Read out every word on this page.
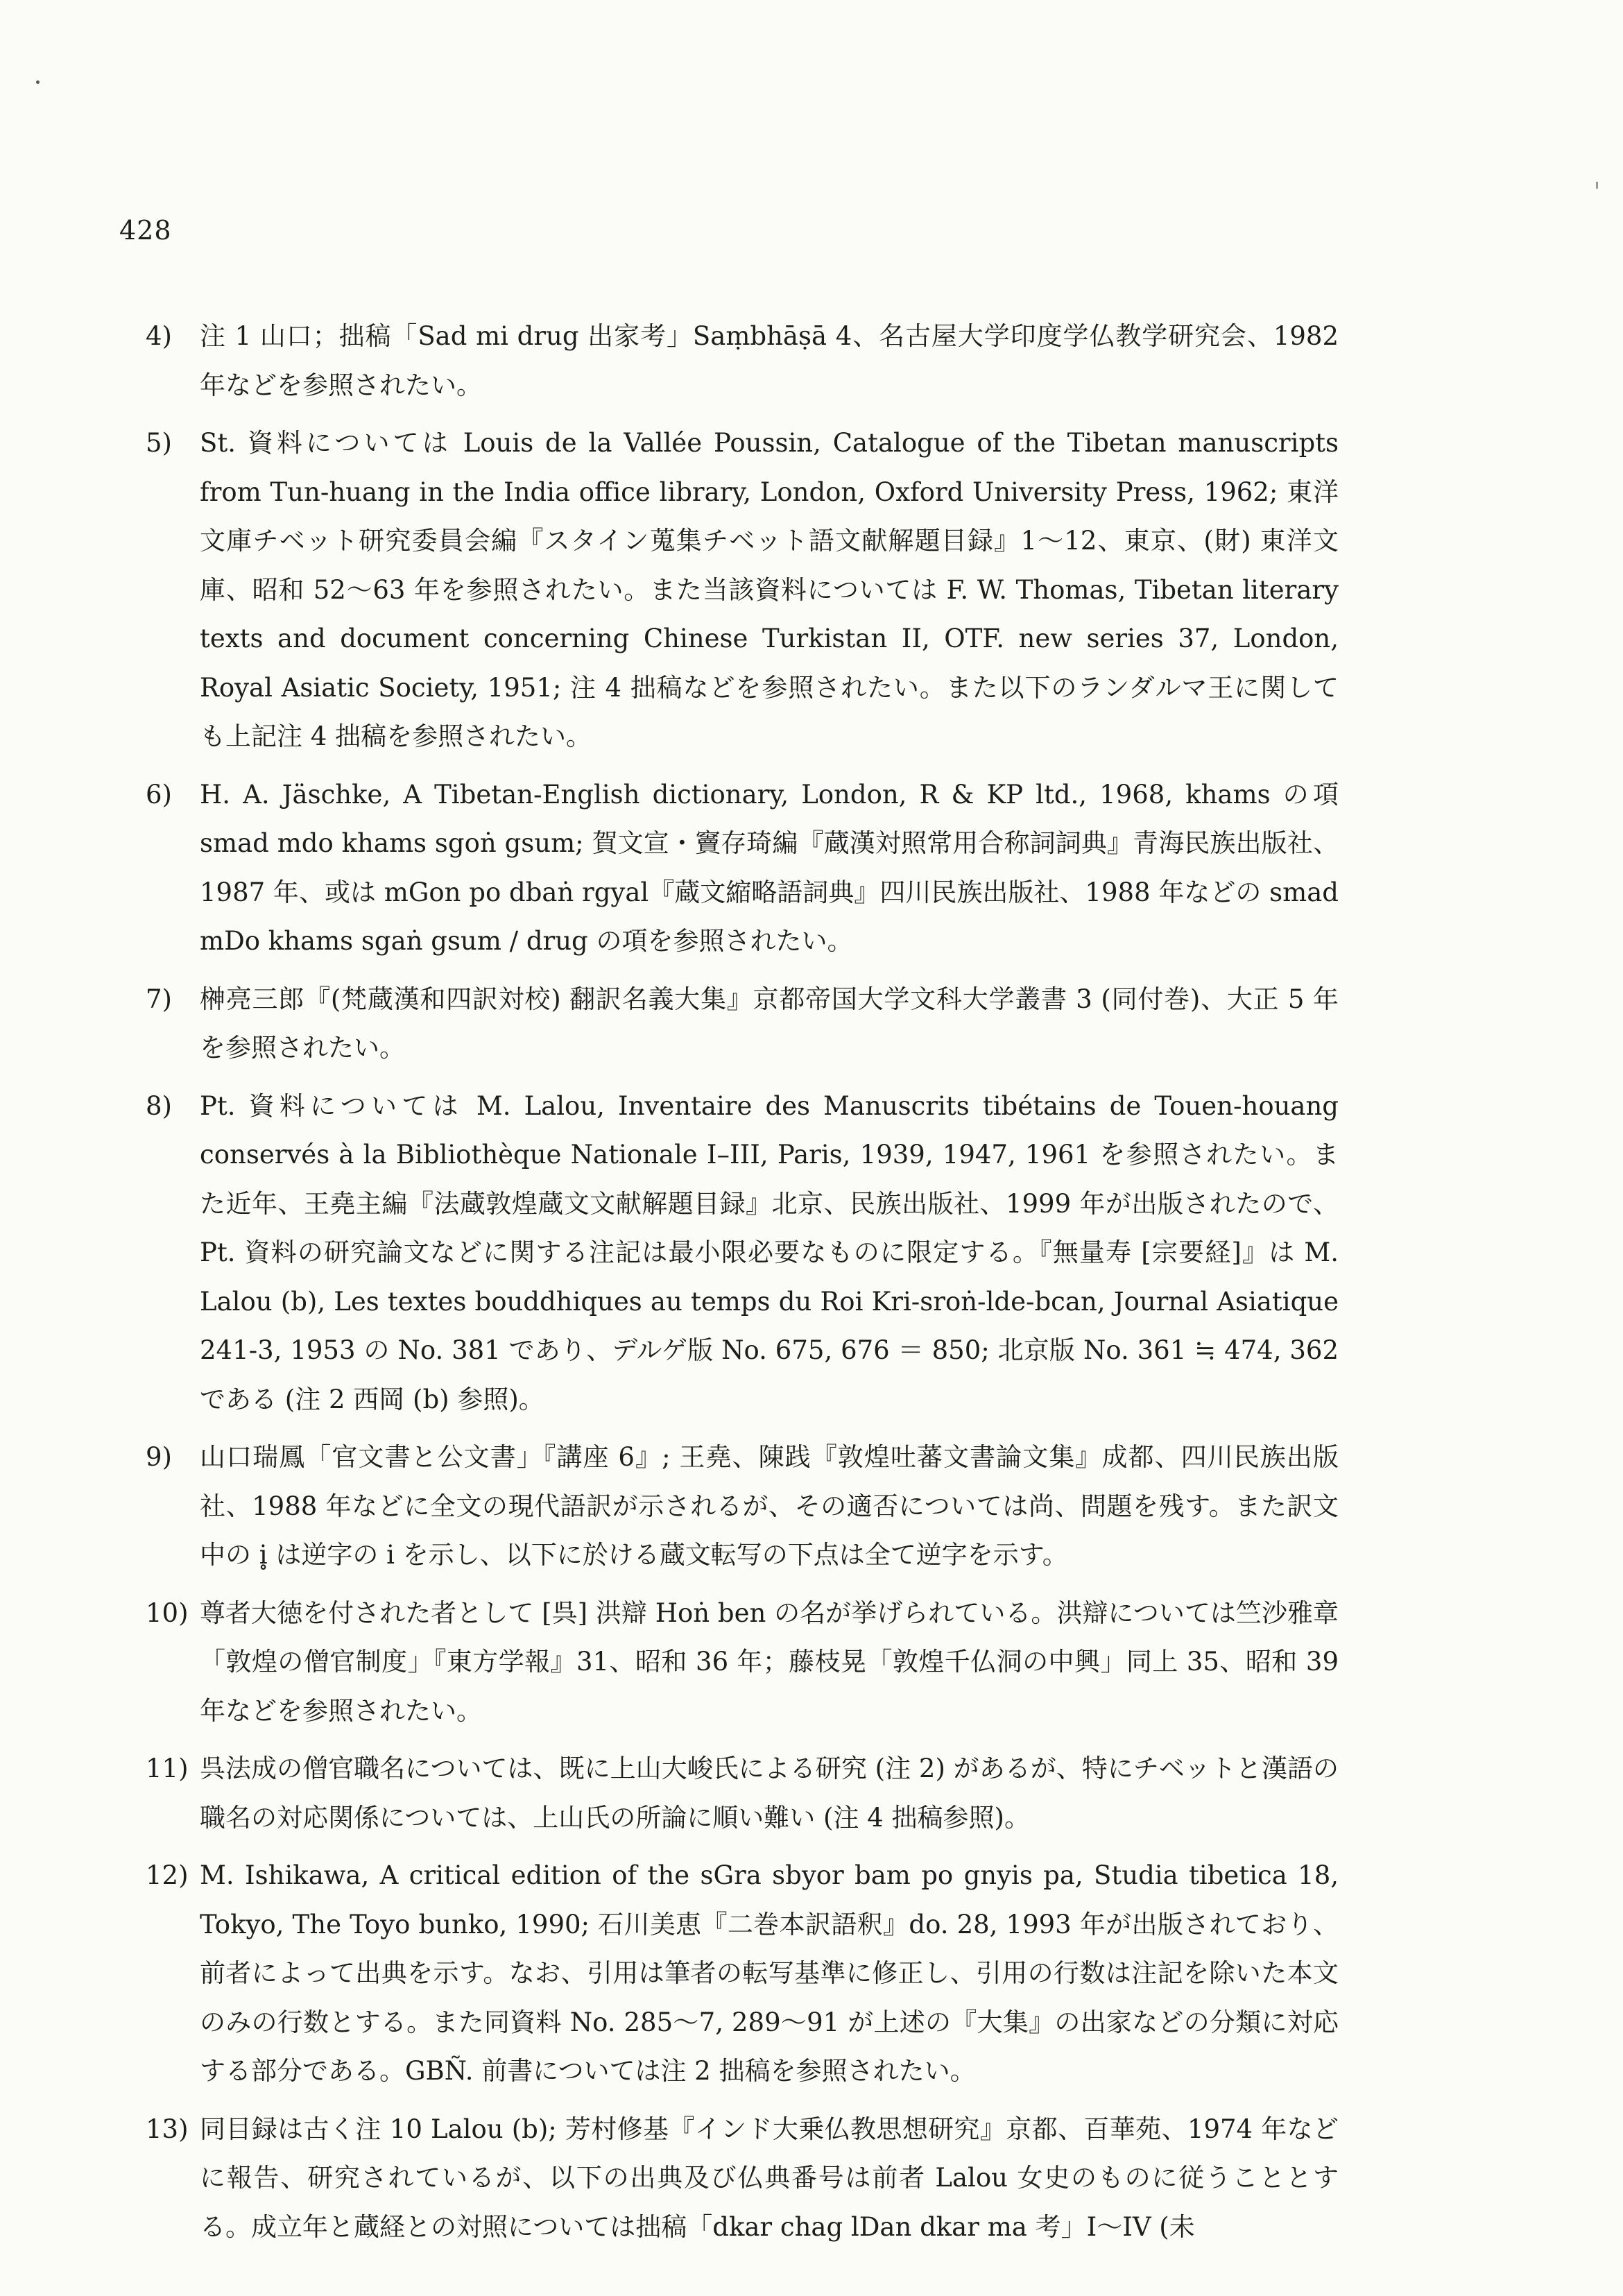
428
4)	注 1 山口；拙稿「Sad mi drug 出家考」Saṃbhāṣā 4、名古屋大学印度学仏教学研究会、1982 年などを参照されたい。
5)	St. 資料については Louis de la Vallée Poussin, Catalogue of the Tibetan manuscripts from Tun-huang in the India office library, London, Oxford University Press, 1962; 東洋文庫チベット研究委員会編『スタイン蒐集チベット語文献解題目録』1〜12、東京、(財) 東洋文庫、昭和 52〜63 年を参照されたい。また当該資料については F. W. Thomas, Tibetan literary texts and document concerning Chinese Turkistan II, OTF. new series 37, London, Royal Asiatic Society, 1951; 注 4 拙稿などを参照されたい。また以下のランダルマ王に関しても上記注 4 拙稿を参照されたい。
6)	H. A. Jäschke, A Tibetan-English dictionary, London, R & KP ltd., 1968, khams の項 smad mdo khams sgoṅ gsum; 賀文宣・竇存琦編『蔵漢対照常用合称詞詞典』青海民族出版社、1987 年、或は mGon po dbaṅ rgyal『蔵文縮略語詞典』四川民族出版社、1988 年などの smad mDo khams sgaṅ gsum / drug の項を参照されたい。
7)	榊亮三郎『(梵蔵漢和四訳対校) 翻訳名義大集』京都帝国大学文科大学叢書 3 (同付巻)、大正 5 年を参照されたい。
8)	Pt. 資料については M. Lalou, Inventaire des Manuscrits tibétains de Touen-houang conservés à la Bibliothèque Nationale I–III, Paris, 1939, 1947, 1961 を参照されたい。また近年、王堯主編『法蔵敦煌蔵文文献解題目録』北京、民族出版社、1999 年が出版されたので、Pt. 資料の研究論文などに関する注記は最小限必要なものに限定する。『無量寿 [宗要経]』は M. Lalou (b), Les textes bouddhiques au temps du Roi Kri-sroṅ-lde-bcan, Journal Asiatique 241-3, 1953 の No. 381 であり、デルゲ版 No. 675, 676 ＝ 850; 北京版 No. 361 ≒ 474, 362 である (注 2 西岡 (b) 参照)。
9)	山口瑞鳳「官文書と公文書」『講座 6』; 王堯、陳践『敦煌吐蕃文書論文集』成都、四川民族出版社、1988 年などに全文の現代語訳が示されるが、その適否については尚、問題を残す。また訳文中の i̥ は逆字の i を示し、以下に於ける蔵文転写の下点は全て逆字を示す。
10) 尊者大徳を付された者として [呉] 洪辯 Hoṅ ben の名が挙げられている。洪辯については竺沙雅章「敦煌の僧官制度」『東方学報』31、昭和 36 年；藤枝晃「敦煌千仏洞の中興」同上 35、昭和 39 年などを参照されたい。
11) 呉法成の僧官職名については、既に上山大峻氏による研究 (注 2) があるが、特にチベットと漢語の職名の対応関係については、上山氏の所論に順い難い (注 4 拙稿参照)。
12) M. Ishikawa, A critical edition of the sGra sbyor bam po gnyis pa, Studia tibetica 18, Tokyo, The Toyo bunko, 1990; 石川美恵『二巻本訳語釈』do. 28, 1993 年が出版されており、前者によって出典を示す。なお、引用は筆者の転写基準に修正し、引用の行数は注記を除いた本文のみの行数とする。また同資料 No. 285〜7, 289〜91 が上述の『大集』の出家などの分類に対応する部分である。GBÑ. 前書については注 2 拙稿を参照されたい。
13) 同目録は古く注 10 Lalou (b); 芳村修基『インド大乗仏教思想研究』京都、百華苑、1974 年などに報告、研究されているが、以下の出典及び仏典番号は前者 Lalou 女史のものに従うこととする。成立年と蔵経との対照については拙稿「dkar chag lDan dkar ma 考」I〜IV (未
